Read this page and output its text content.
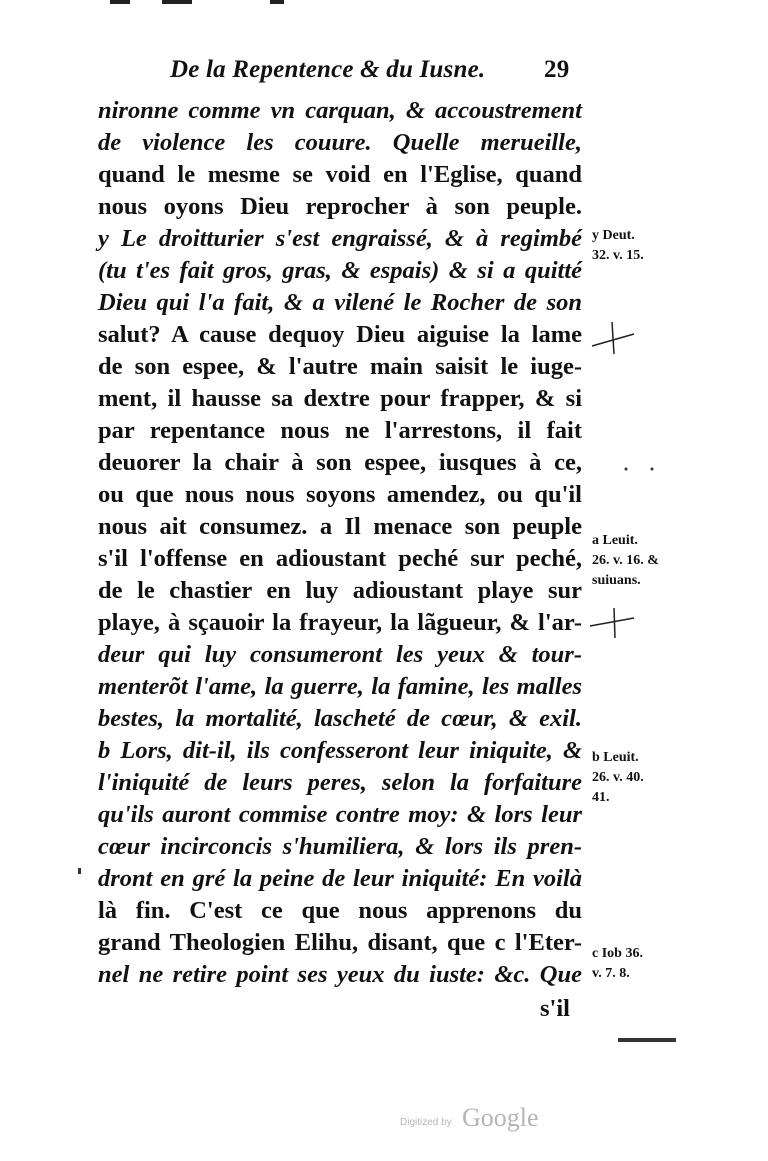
De la Repentence & du Iusne. 29
nironne comme vn carquan, & accoustrement
de violence les couure. Quelle merueille,
quand le mesme se void en l'Eglise, quand
nous oyons Dieu reprocher à son peuple.
y Le droitturier s'est engraissé, & à regimbé
(tu t'es fait gros, gras, & espais) & si a quitté
Dieu qui l'a fait, & a vilené le Rocher de son
salut? A cause dequoy Dieu aiguise la lame
de son espee, & l'autre main saisit le iuge-
ment, il hausse sa dextre pour frapper, & si
par repentance nous ne l'arrestons, il fait
deuorer la chair à son espee, iusques à ce,
ou que nous nous soyons amendez, ou qu'il
nous ait consumez. a Il menace son peuple
s'il l'offense en adioustant peché sur peché,
de le chastier en luy adioustant playe sur
playe, à sçauoir la frayeur, la lãgueur, & l'ar-
deur qui luy consumeront les yeux & tour-
menterõt l'ame, la guerre, la famine, les malles
bestes, la mortalité, lascheté de cœur, & exil.
b Lors, dit-il, ils confesseront leur iniquite, &
l'iniquité de leurs peres, selon la forfaiture
qu'ils auront commise contre moy: & lors leur
cœur incirconcis s'humiliera, & lors ils pren-
dront en gré la peine de leur iniquité: En voilà
là fin. C'est ce que nous apprenons du
grand Theologien Elihu, disant, que c l'Eter-
nel ne retire point ses yeux du iuste: &c. Que
s'il
y Deut.
32. v. 15.
a Leuit.
26. v. 16. &
suiuans.
b Leuit.
26. v. 40.
41.
c Iob 36.
v. 7. 8.
Digitized by Google
